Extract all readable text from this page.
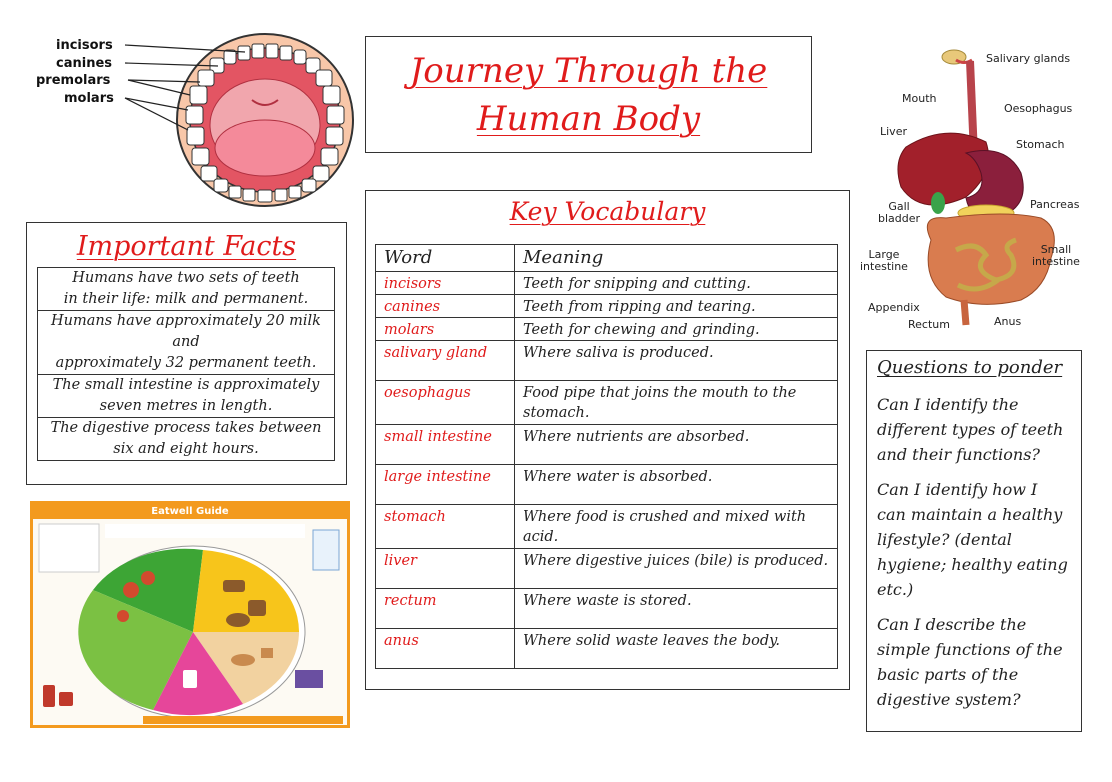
incisors
canines
premolars
molars
Journey Through the
Human Body
Important Facts
Humans have two sets of teeth
in their life: milk and permanent.
Humans have approximately 20 milk
and
approximately 32 permanent teeth.
The small intestine is approximately
seven metres in length.
The digestive process takes between
six and eight hours.
Eatwell Guide
Key Vocabulary
Word	Meaning
incisors	Teeth for snipping and cutting.
canines	Teeth from ripping and tearing.
molars	Teeth for chewing and grinding.
salivary gland	Where saliva is produced.
oesophagus	Food pipe that joins the mouth to the stomach.
small intestine	Where nutrients are absorbed.
large intestine	Where water is absorbed.
stomach	Where food is crushed and mixed with acid.
liver	Where digestive juices (bile) is produced.
rectum	Where waste is stored.
anus	Where solid waste leaves the body.
Salivary glands
Mouth
Oesophagus
Liver
Stomach
Gall
bladder
Pancreas
Large
intestine
Small
intestine
Appendix
Rectum	Anus
Questions to ponder

Can I identify the different types of teeth and their functions?

Can I identify how I can maintain a healthy lifestyle? (dental hygiene; healthy eating etc.)

Can I describe the simple functions of the basic parts of the digestive system?
